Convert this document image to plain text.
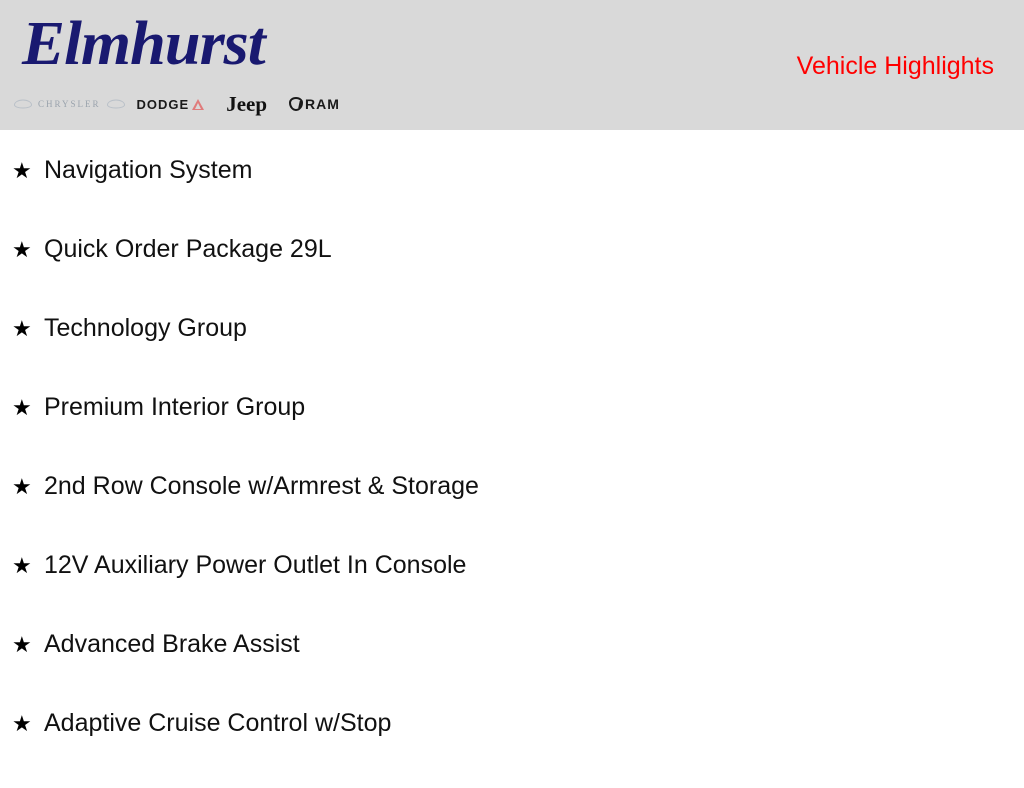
Elmhurst
CHRYSLER	DODGE Jeep	RAM
Vehicle Highlights
★ Navigation System
★ Quick Order Package 29L
★ Technology Group
★ Premium Interior Group
★ 2nd Row Console w/Armrest & Storage
★ 12V Auxiliary Power Outlet In Console
★ Advanced Brake Assist
★ Adaptive Cruise Control w/Stop
